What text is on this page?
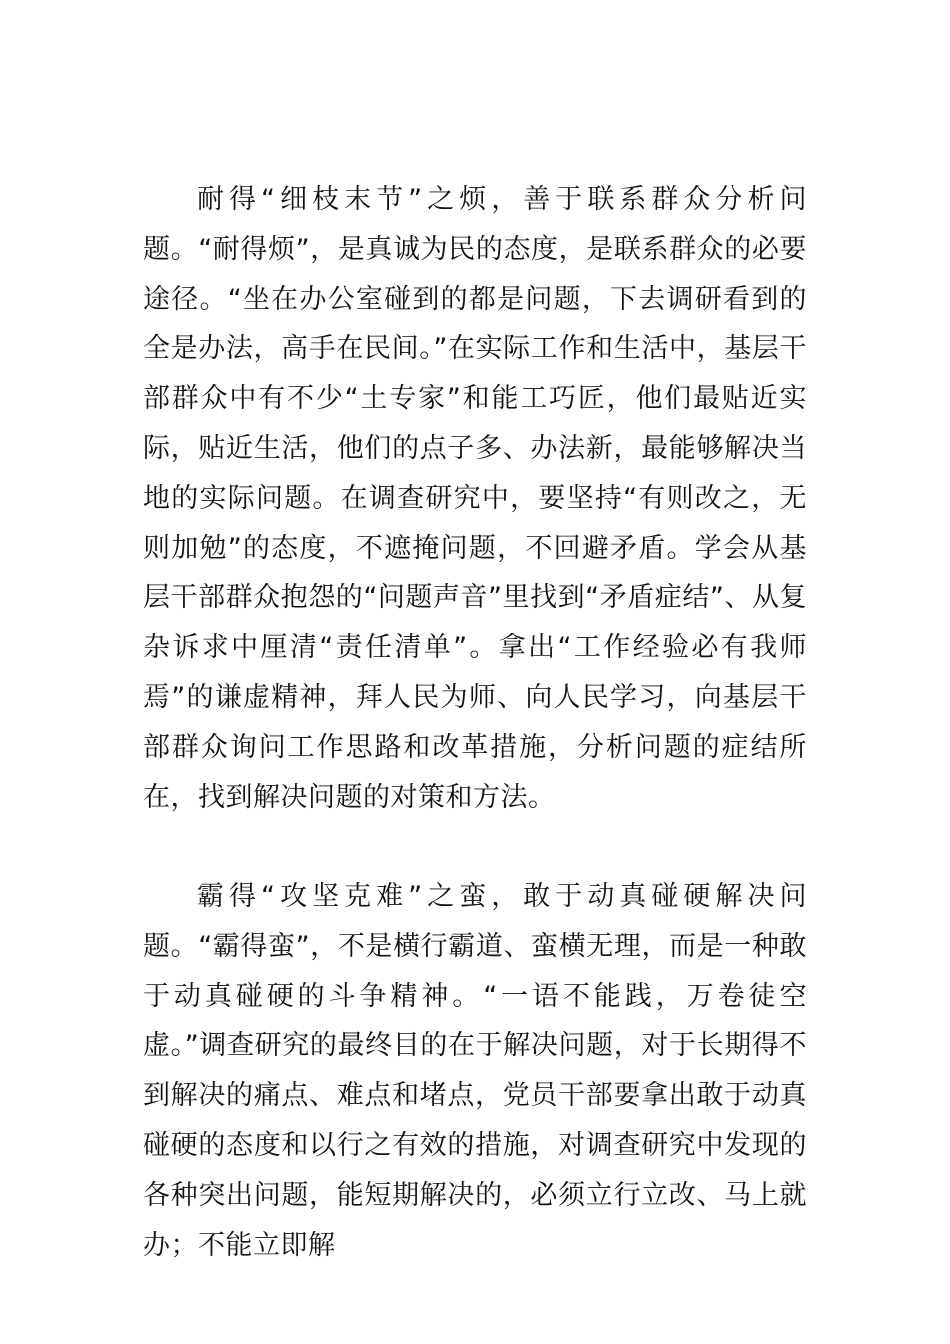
耐得“细枝末节”之烦，善于联系群众分析问题。“耐得烦”，是真诚为民的态度，是联系群众的必要途径。“坐在办公室碰到的都是问题，下去调研看到的全是办法，高手在民间。”在实际工作和生活中，基层干部群众中有不少“土专家”和能工巧匠，他们最贴近实际，贴近生活，他们的点子多、办法新，最能够解决当地的实际问题。在调查研究中，要坚持“有则改之，无则加勉”的态度，不遮掩问题，不回避矛盾。学会从基层干部群众抱怨的“问题声音”里找到“矛盾症结”、从复杂诉求中厘清“责任清单”。拿出“工作经验必有我师焉”的谦虚精神，拜人民为师、向人民学习，向基层干部群众询问工作思路和改革措施，分析问题的症结所在，找到解决问题的对策和方法。

霸得“攻坚克难”之蛮，敢于动真碰硬解决问题。“霸得蛮”，不是横行霸道、蛮横无理，而是一种敢于动真碰硬的斗争精神。“一语不能践，万卷徒空虚。”调查研究的最终目的在于解决问题，对于长期得不到解决的痛点、难点和堵点，党员干部要拿出敢于动真碰硬的态度和以行之有效的措施，对调查研究中发现的各种突出问题，能短期解决的，必须立行立改、马上就办；不能立即解
